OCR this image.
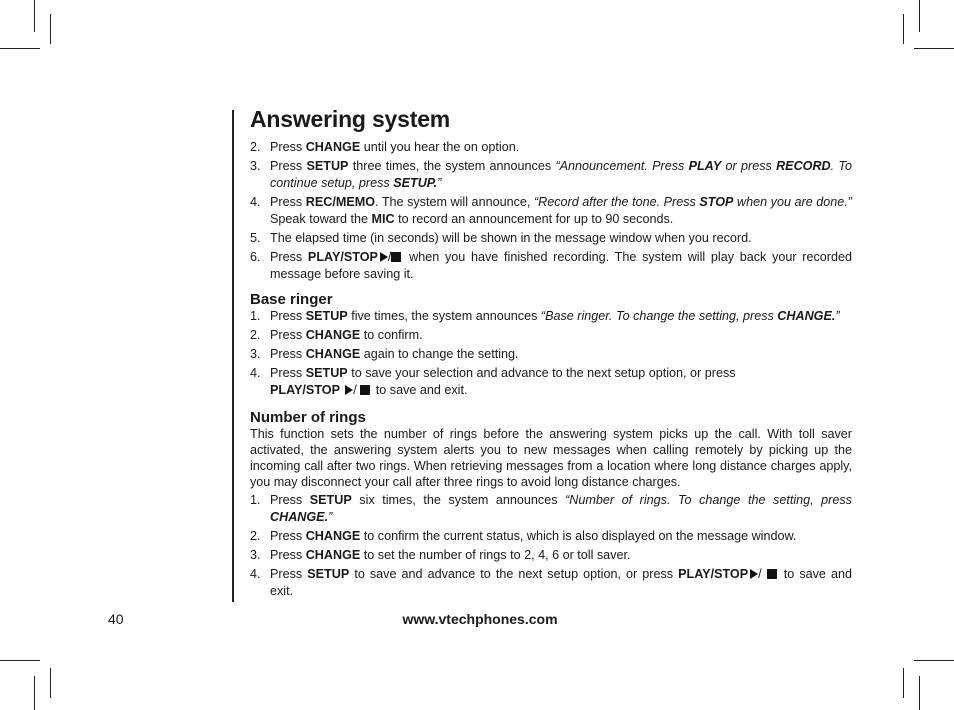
Answering system
2. Press CHANGE until you hear the on option.
3. Press SETUP three times, the system announces “Announcement. Press PLAY or press RECORD. To continue setup, press SETUP.”
4. Press REC/MEMO. The system will announce, “Record after the tone. Press STOP when you are done.” Speak toward the MIC to record an announcement for up to 90 seconds.
5. The elapsed time (in seconds) will be shown in the message window when you record.
6. Press PLAY/STOP / when you have finished recording. The system will play back your recorded message before saving it.
Base ringer
1. Press SETUP five times, the system announces “Base ringer. To change the setting, press CHANGE.”
2. Press CHANGE to confirm.
3. Press CHANGE again to change the setting.
4. Press SETUP to save your selection and advance to the next setup option, or press
PLAY/STOP /  to save and exit.
Number of rings

This function sets the number of rings before the answering system picks up the call. With toll saver activated, the answering system alerts you to new messages when calling remotely by picking up the incoming call after two rings. When retrieving messages from a location where long distance charges apply, you may disconnect your call after three rings to avoid long distance charges.

1. Press SETUP six times, the system announces “Number of rings. To change the setting, press CHANGE.”
2. Press CHANGE to confirm the current status, which is also displayed on the message window.
3. Press CHANGE to set the number of rings to 2, 4, 6 or toll saver.
4. Press SETUP to save and advance to the next setup option, or press PLAY/STOP /  to save and exit.
40	www.vtechphones.com
